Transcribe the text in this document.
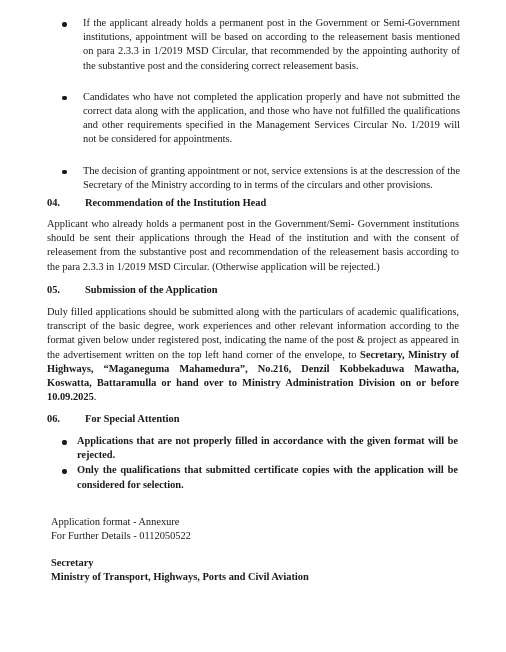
If the applicant already holds a permanent post in the Government or Semi-Government institutions, appointment will be based on according to the releasement basis mentioned on para 2.3.3 in 1/2019 MSD Circular, that recommended by the appointing authority of the substantive post and the considering correct releasement basis.
Candidates who have not completed the application properly and have not submitted the correct data along with the application, and those who have not fulfilled the qualifications and other requirements specified in the Management Services Circular No. 1/2019 will not be considered for appointments.
The decision of granting appointment or not, service extensions is at the descression of the Secretary of the Ministry according to in terms of the circulars and other provisions.
04. Recommendation of the Institution Head
Applicant who already holds a permanent post in the Government/Semi- Government institutions should be sent their applications through the Head of the institution and with the consent of releasement from the substantive post and recommendation of the releasement basis according to the para 2.3.3 in 1/2019 MSD Circular. (Otherwise application will be rejected.)
05. Submission of the Application
Duly filled applications should be submitted along with the particulars of academic qualifications, transcript of the basic degree, work experiences and other relevant information according to the format given below under registered post, indicating the name of the post & project as appeared in the advertisement written on the top left hand corner of the envelope, to Secretary, Ministry of Highways, “Maganeguma Mahamedura”, No.216, Denzil Kobbekaduwa Mawatha, Koswatta, Battaramulla or hand over to Ministry Administration Division on or before 10.09.2025.
06. For Special Attention
Applications that are not properly filled in accordance with the given format will be rejected.
Only the qualifications that submitted certificate copies with the application will be considered for selection.
Application format - Annexure
For Further Details - 0112050522
Secretary
Ministry of Transport, Highways, Ports and Civil Aviation
